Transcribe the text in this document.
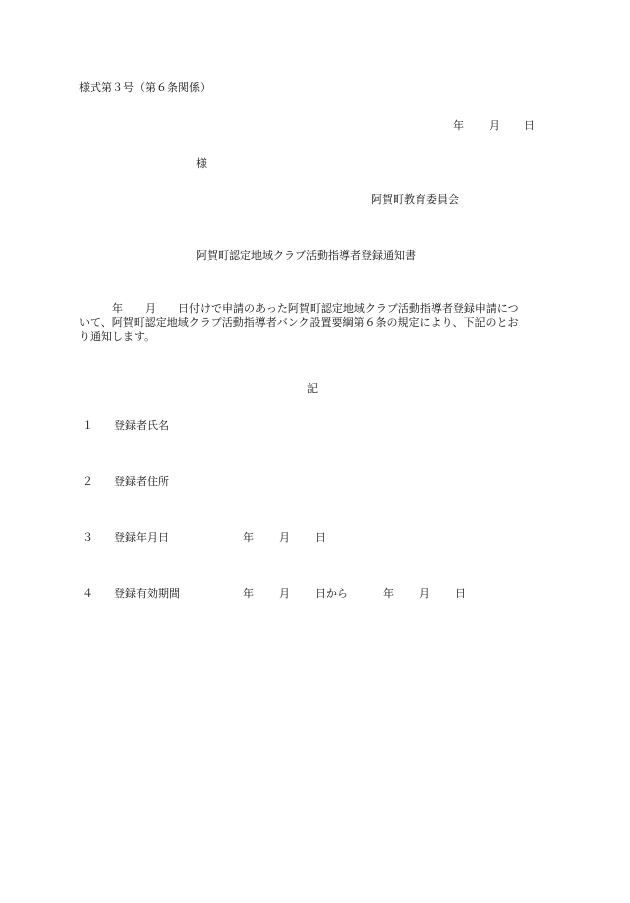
様式第３号（第６条関係）
年 月 日
様
阿賀町教育委員会
阿賀町認定地域クラブ活動指導者登録通知書
　　　年　　月　　日付けで申請のあった阿賀町認定地域クラブ活動指導者登録申請につ
いて、阿賀町認定地域クラブ活動指導者バンク設置要綱第６条の規定により、下記のとお
り通知します。
記
１ 登録者氏名
２ 登録者住所
３ 登録年月日	年 月 日
４ 登録有効期間	年 月 日から	年 月 日
